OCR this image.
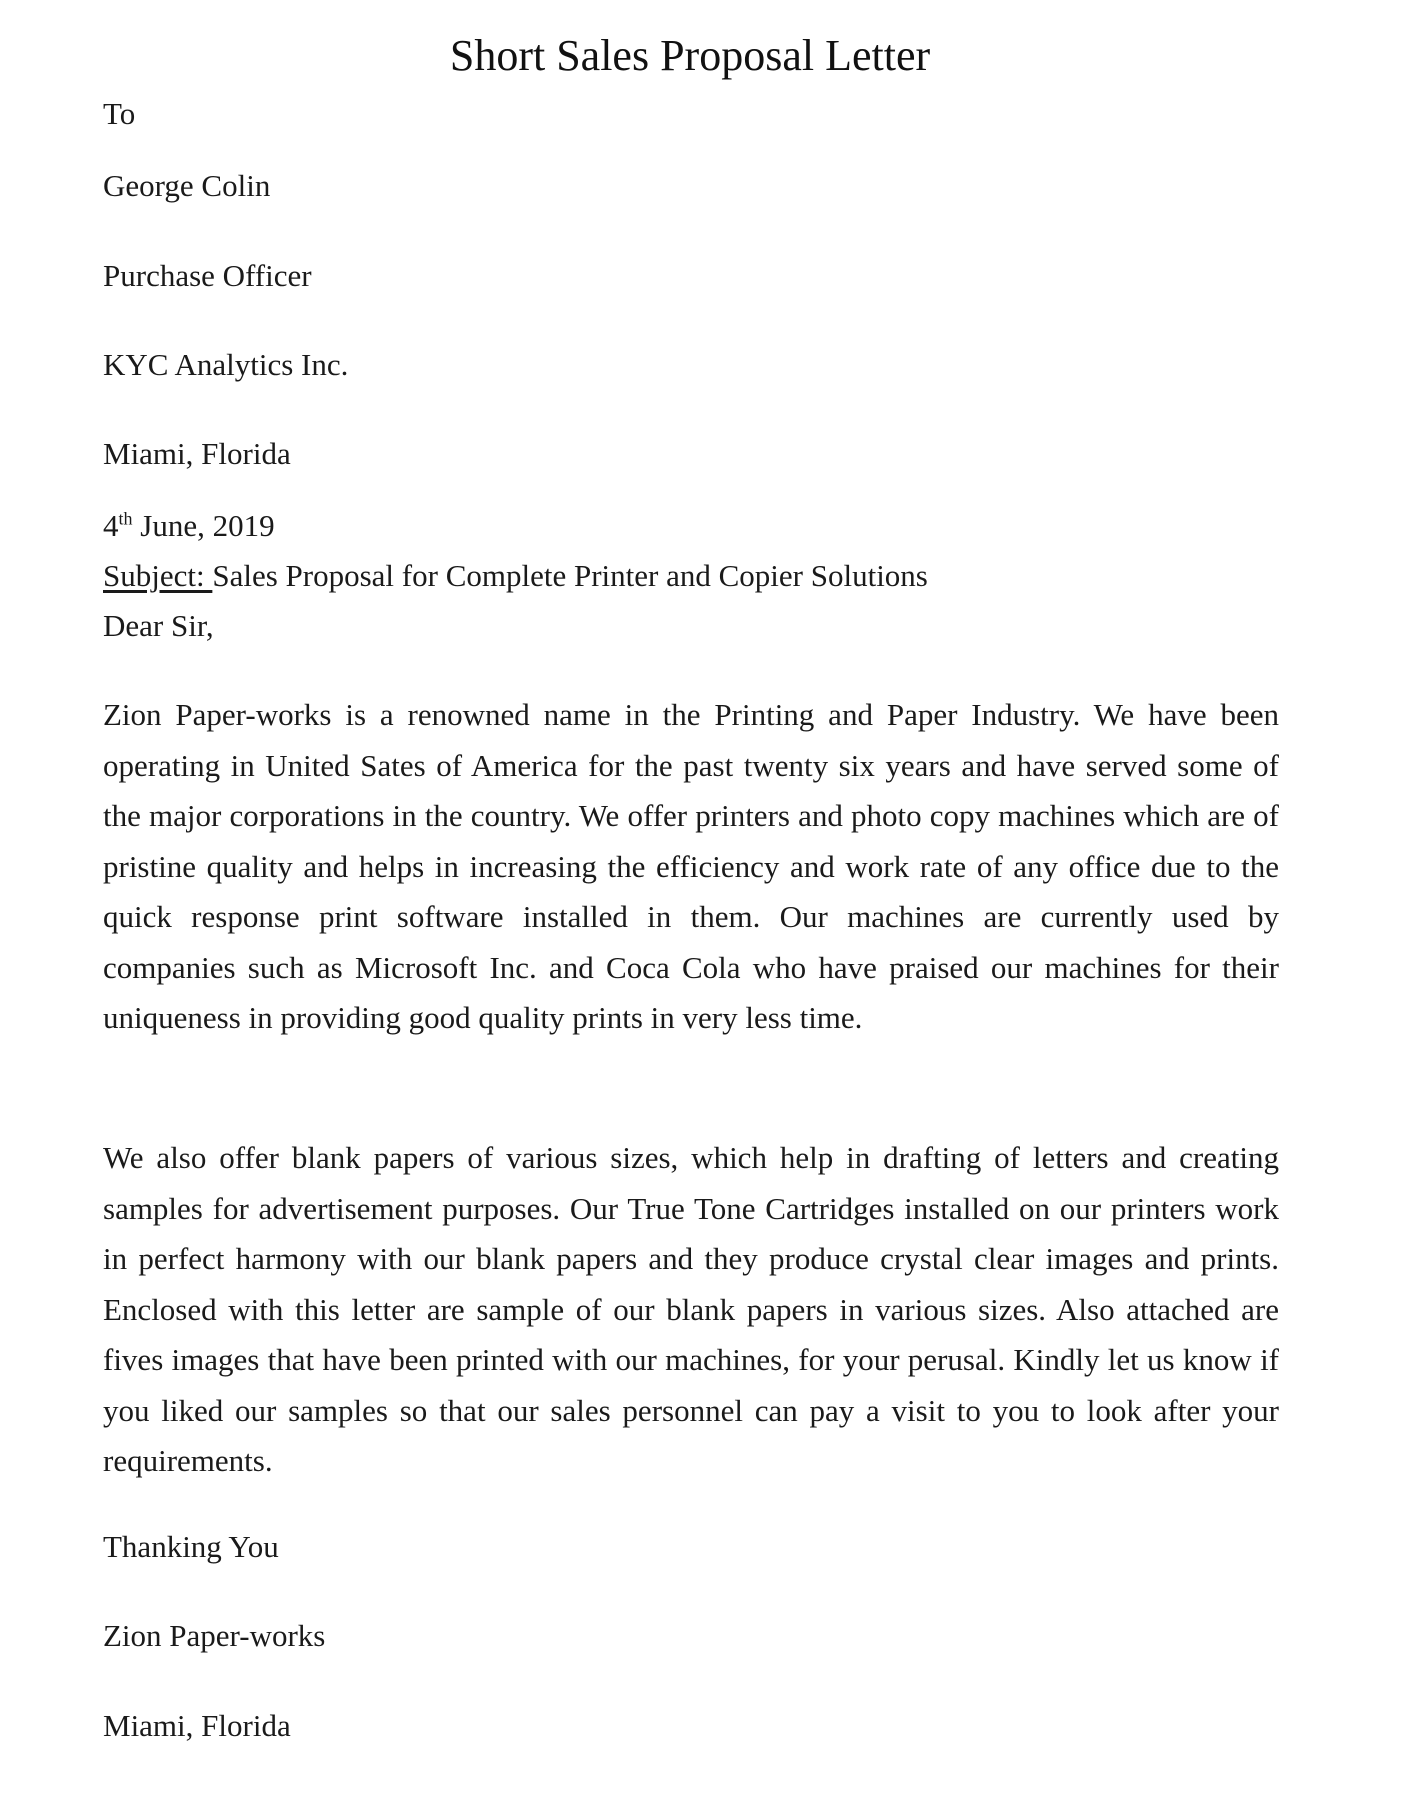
Short Sales Proposal Letter

To

George Colin

Purchase Officer

KYC Analytics Inc.

Miami, Florida

4th June, 2019

Subject: Sales Proposal for Complete Printer and Copier Solutions

Dear Sir,

Zion Paper-works is a renowned name in the Printing and Paper Industry. We have been operating in United Sates of America for the past twenty six years and have served some of the major corporations in the country. We offer printers and photo copy machines which are of pristine quality and helps in increasing the efficiency and work rate of any office due to the quick response print software installed in them. Our machines are currently used by companies such as Microsoft Inc. and Coca Cola who have praised our machines for their uniqueness in providing good quality prints in very less time.

We also offer blank papers of various sizes, which help in drafting of letters and creating samples for advertisement purposes. Our True Tone Cartridges installed on our printers work in perfect harmony with our blank papers and they produce crystal clear images and prints. Enclosed with this letter are sample of our blank papers in various sizes. Also attached are fives images that have been printed with our machines, for your perusal. Kindly let us know if you liked our samples so that our sales personnel can pay a visit to you to look after your requirements.

Thanking You

Zion Paper-works

Miami, Florida
